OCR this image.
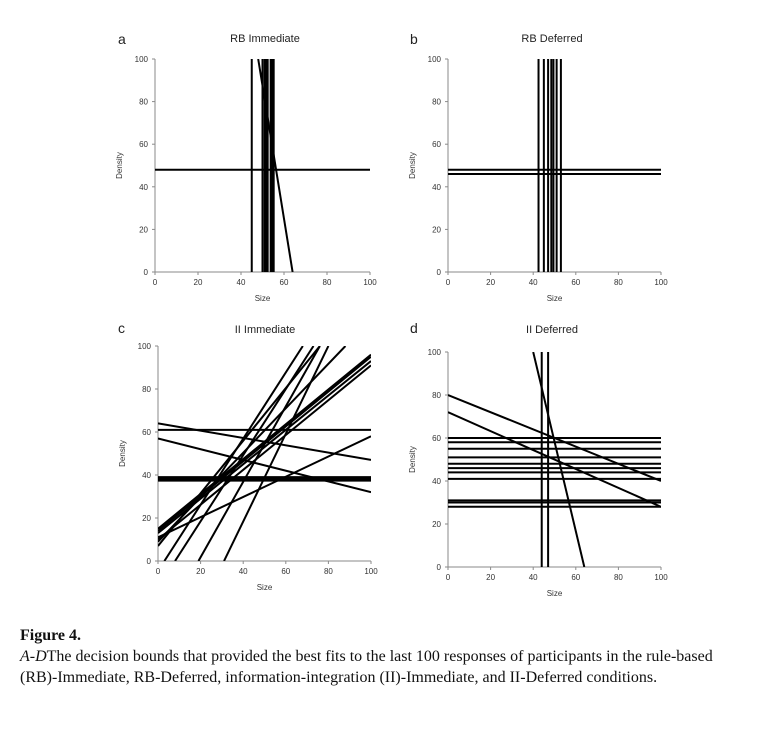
a	RB Immediate
0	20	40	60	80	100
0
20
40
60
80
100
Size
Density
b	RB Deferred
0	20	40	60	80	100
0
20
40
60
80
100
Size
Density
c	II Immediate
0	20	40	60	80	100
0
20
40
60
80
100
Size
Density
d	II Deferred
0	20	40	60	80	100
0
20
40
60
80
100
Size
Density
Figure 4.
A-DThe decision bounds that provided the best fits to the last 100 responses of participants in the rule-based (RB)-Immediate, RB-Deferred, information-integration (II)-Immediate, and II-Deferred conditions.
